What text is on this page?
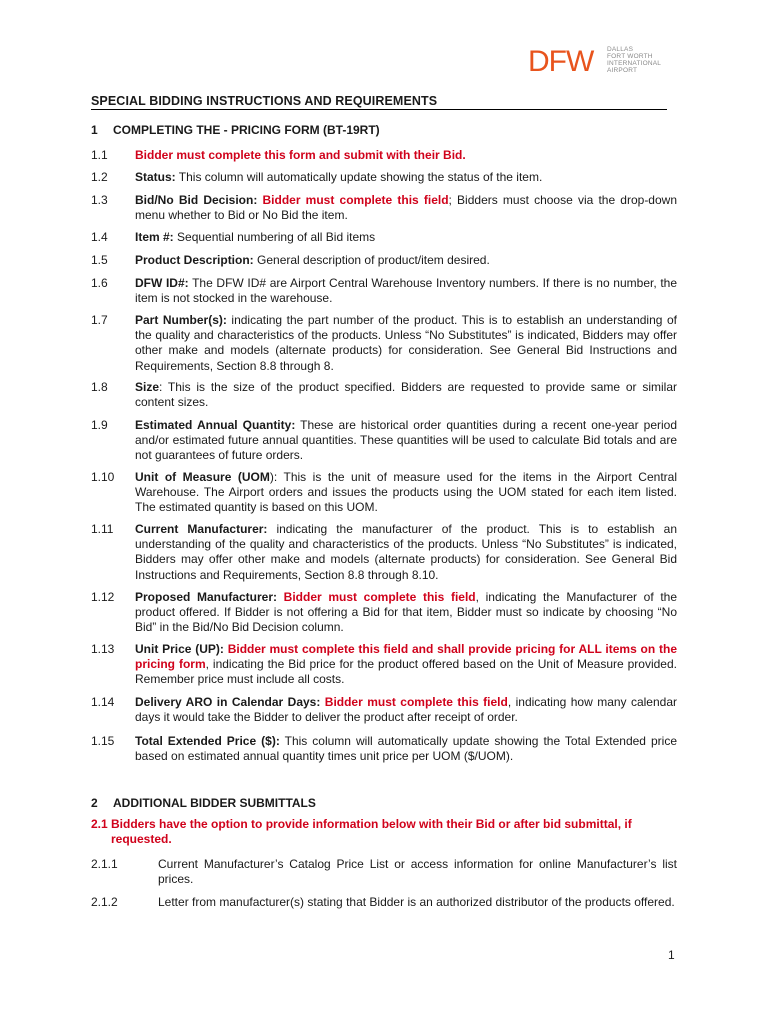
DFW DALLAS
FORT WORTH
INTERNATIONAL
AIRPORT
SPECIAL BIDDING INSTRUCTIONS AND REQUIREMENTS
1 COMPLETING THE - PRICING FORM (BT-19RT)
1.1 Bidder must complete this form and submit with their Bid.
1.2 Status: This column will automatically update showing the status of the item.
1.3 Bid/No Bid Decision: Bidder must complete this field; Bidders must choose via the drop-down menu whether to Bid or No Bid the item.
1.4 Item #: Sequential numbering of all Bid items
1.5 Product Description: General description of product/item desired.
1.6 DFW ID#: The DFW ID# are Airport Central Warehouse Inventory numbers. If there is no number, the item is not stocked in the warehouse.
1.7 Part Number(s): indicating the part number of the product. This is to establish an understanding of the quality and characteristics of the products. Unless “No Substitutes” is indicated, Bidders may offer other make and models (alternate products) for consideration. See General Bid Instructions and Requirements, Section 8.8 through 8.
1.8 Size: This is the size of the product specified. Bidders are requested to provide same or similar content sizes.
1.9 Estimated Annual Quantity: These are historical order quantities during a recent one-year period and/or estimated future annual quantities. These quantities will be used to calculate Bid totals and are not guarantees of future orders.
1.10 Unit of Measure (UOM): This is the unit of measure used for the items in the Airport Central Warehouse. The Airport orders and issues the products using the UOM stated for each item listed. The estimated quantity is based on this UOM.
1.11 Current Manufacturer: indicating the manufacturer of the product. This is to establish an understanding of the quality and characteristics of the products. Unless “No Substitutes” is indicated, Bidders may offer other make and models (alternate products) for consideration. See General Bid Instructions and Requirements, Section 8.8 through 8.10.
1.12 Proposed Manufacturer: Bidder must complete this field, indicating the Manufacturer of the product offered. If Bidder is not offering a Bid for that item, Bidder must so indicate by choosing “No Bid” in the Bid/No Bid Decision column.
1.13 Unit Price (UP): Bidder must complete this field and shall provide pricing for ALL items on the pricing form, indicating the Bid price for the product offered based on the Unit of Measure provided. Remember price must include all costs.
1.14 Delivery ARO in Calendar Days: Bidder must complete this field, indicating how many calendar days it would take the Bidder to deliver the product after receipt of order.
1.15 Total Extended Price ($): This column will automatically update showing the Total Extended price based on estimated annual quantity times unit price per UOM ($/UOM).
2 ADDITIONAL BIDDER SUBMITTALS
2.1 Bidders have the option to provide information below with their Bid or after bid submittal, if
requested.
2.1.1	Current Manufacturer’s Catalog Price List or access information for online Manufacturer’s list prices.
2.1.2	Letter from manufacturer(s) stating that Bidder is an authorized distributor of the products offered.
1
